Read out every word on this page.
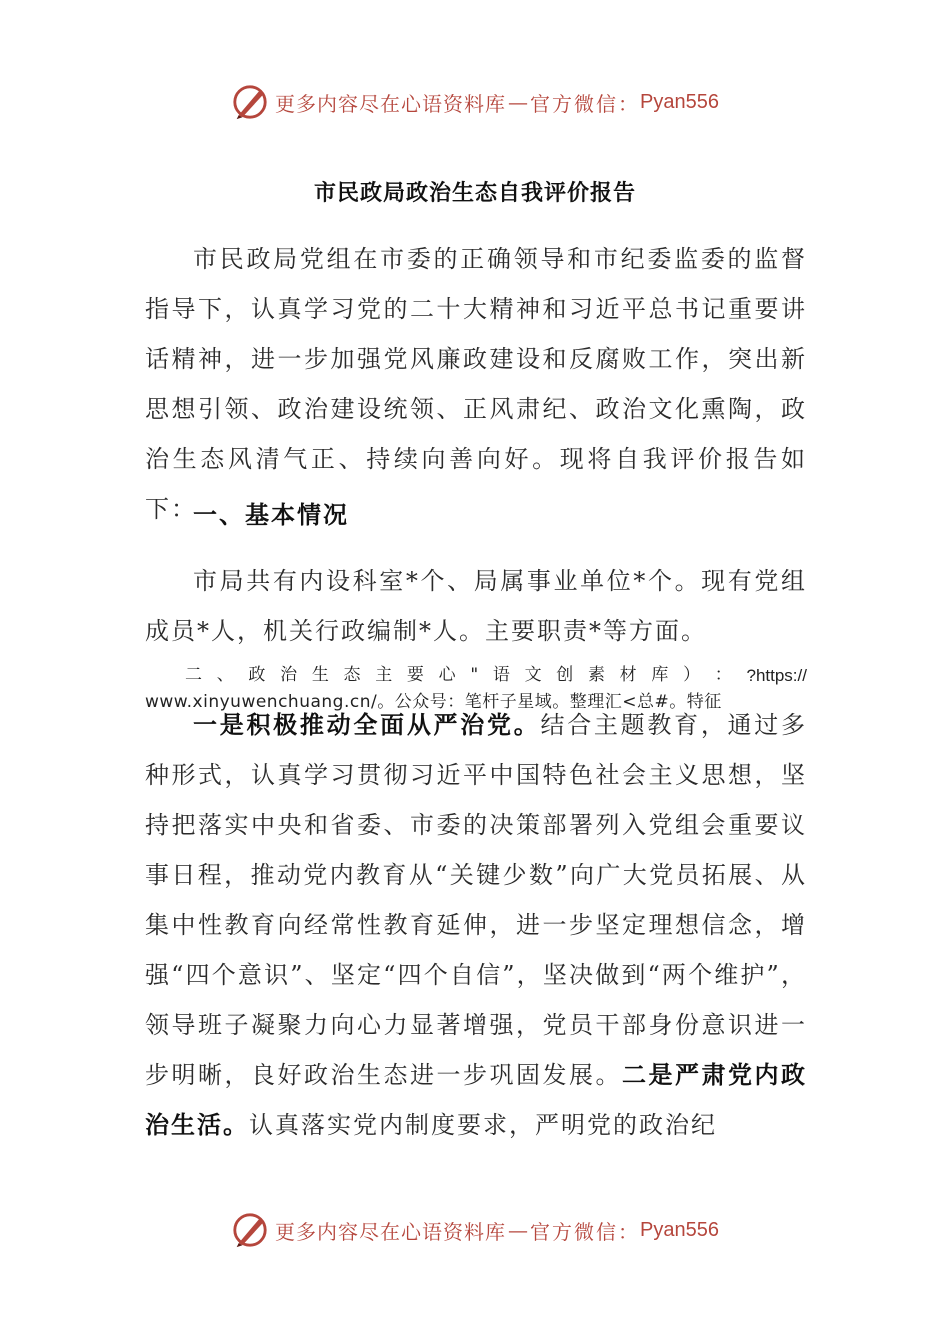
更多内容尽在心语资料库 — 官方微信： Pyan556
市民政局政治生态自我评价报告

市民政局党组在市委的正确领导和市纪委监委的监督指导下，认真学习党的二十大精神和习近平总书记重要讲话精神，进一步加强党风廉政建设和反腐败工作，突出新思想引领、政治建设统领、正风肃纪、政治文化熏陶，政治生态风清气正、持续向善向好。现将自我评价报告如下：

一、基本情况

市局共有内设科室*个、局属事业单位*个。现有党组成员*人，机关行政编制*人。主要职责*等方面。

二 、 政 治 生 态 主 要 心 " 语 文 创 素 材 库 ） ： ?https://
www.xinyuwenchuang.cn/。公众号：笔杆子星域。整理汇<总#。特征

一是积极推动全面从严治党。结合主题教育，通过多种形式，认真学习贯彻习近平中国特色社会主义思想，坚持把落实中央和省委、市委的决策部署列入党组会重要议事日程，推动党内教育从“关键少数”向广大党员拓展、从集中性教育向经常性教育延伸，进一步坚定理想信念，增强“四个意识”、坚定“四个自信”，坚决做到“两个维护”，领导班子凝聚力向心力显著增强，党员干部身份意识进一步明晰，良好政治生态进一步巩固发展。二是严肃党内政治生活。认真落实党内制度要求，严明党的政治纪

更多内容尽在心语资料库 — 官方微信： Pyan556
